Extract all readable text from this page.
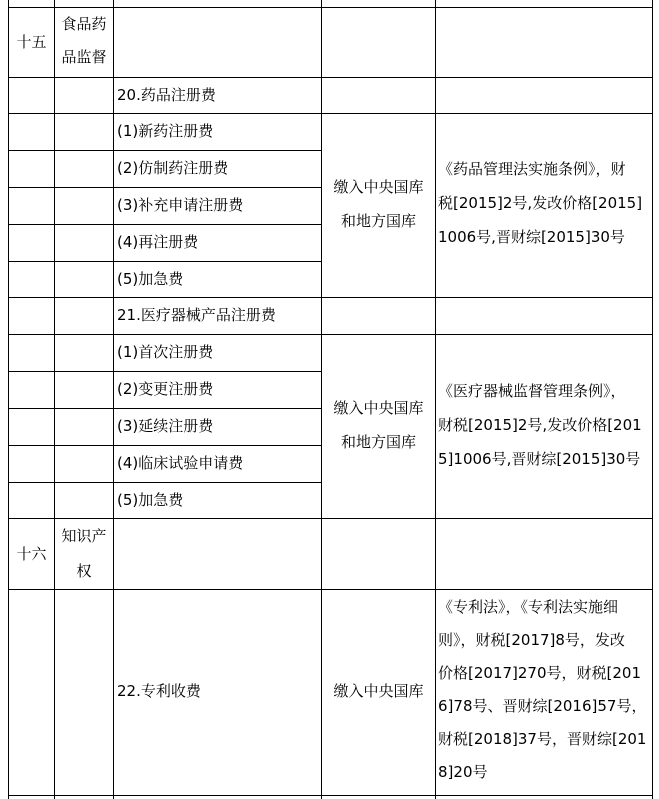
十五
食品药
品监督
20.药品注册费
(1)新药注册费
(2)仿制药注册费
(3)补充申请注册费
(4)再注册费
(5)加急费
缴入中央国库
和地方国库
《药品管理法实施条例》，财
税[2015]2号,发改价格[2015]
1006号,晋财综[2015]30号
21.医疗器械产品注册费
(1)首次注册费
(2)变更注册费
(3)延续注册费
(4)临床试验申请费
(5)加急费
缴入中央国库
和地方国库
《医疗器械监督管理条例》，
财税[2015]2号,发改价格[201
5]1006号,晋财综[2015]30号
十六
知识产
权
22.专利收费	缴入中央国库
《专利法》，《专利法实施细
则》，财税[2017]8号，发改
价格[2017]270号，财税[201
6]78号、晋财综[2016]57号，
财税[2018]37号，晋财综[201
8]20号
